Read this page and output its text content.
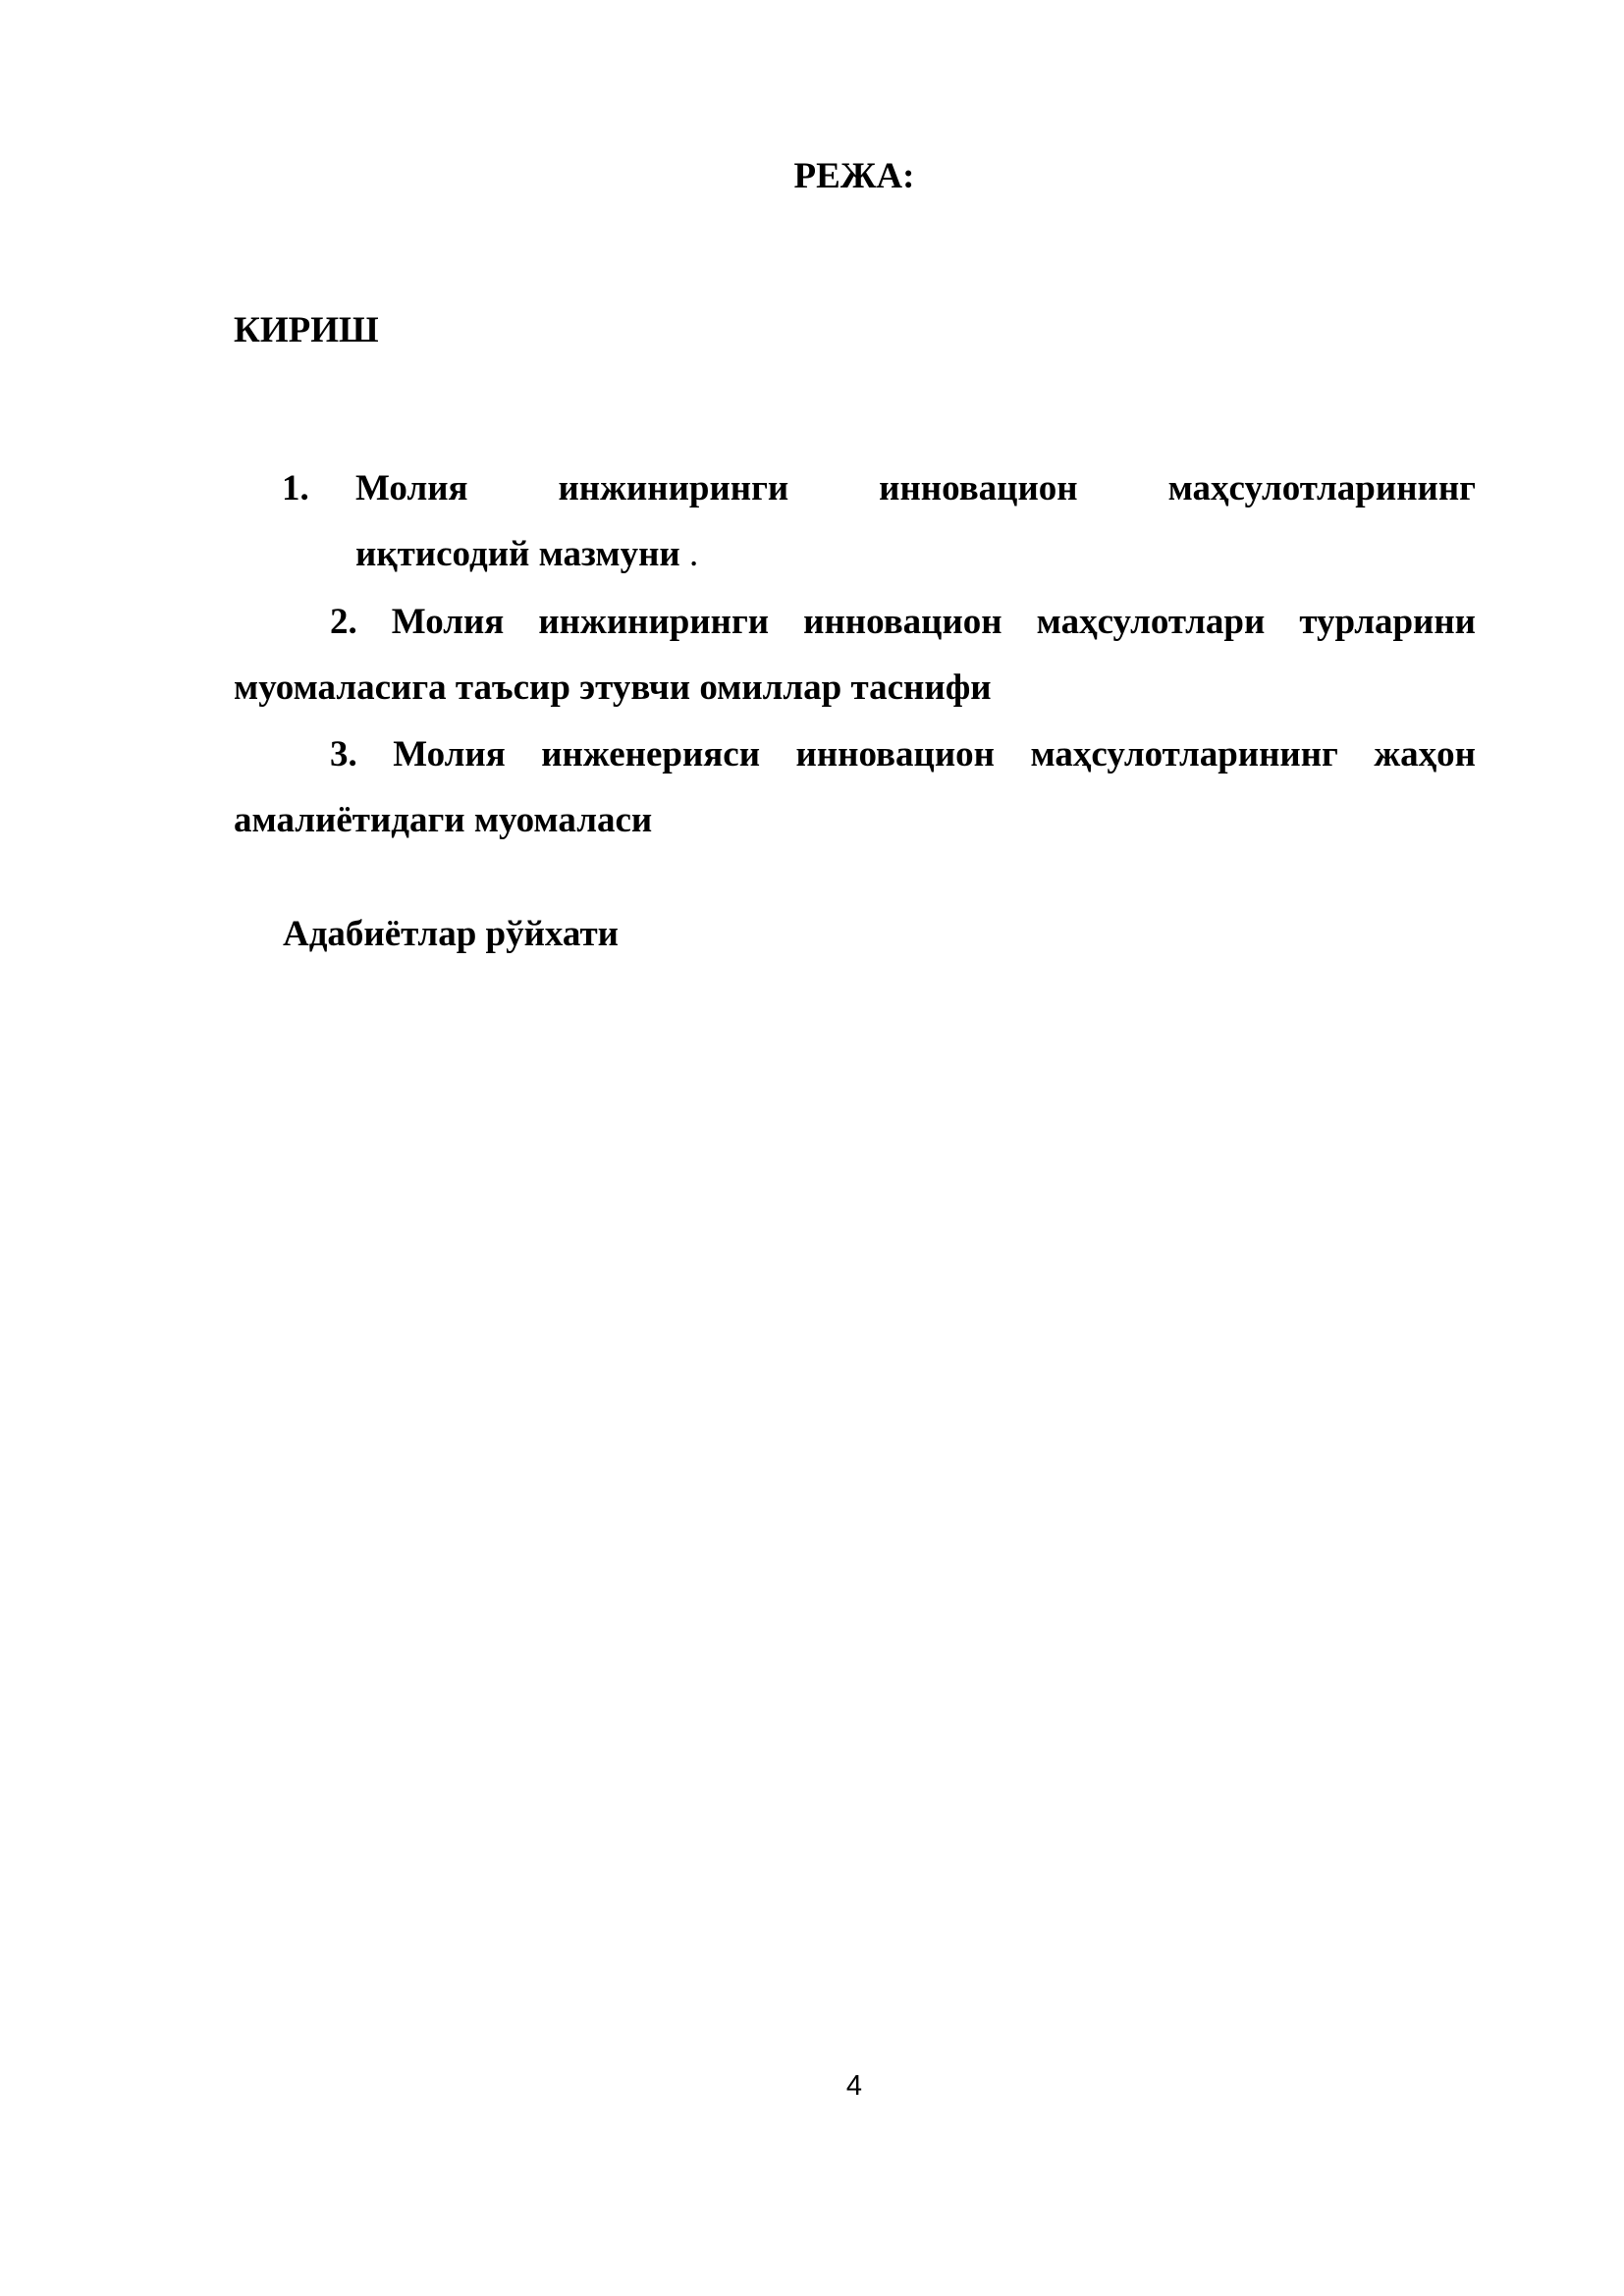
РЕЖА:
КИРИШ
1. Молия инжиниринги инновацион маҳсулотларининг
иқтисодий мазмуни .
2. Молия инжиниринги инновацион маҳсулотлари турларини
муомаласига таъсир этувчи омиллар таснифи
3. Молия инженерияси инновацион маҳсулотларининг жаҳон
амалиётидаги муомаласи
Адабиётлар рўйхати
4
